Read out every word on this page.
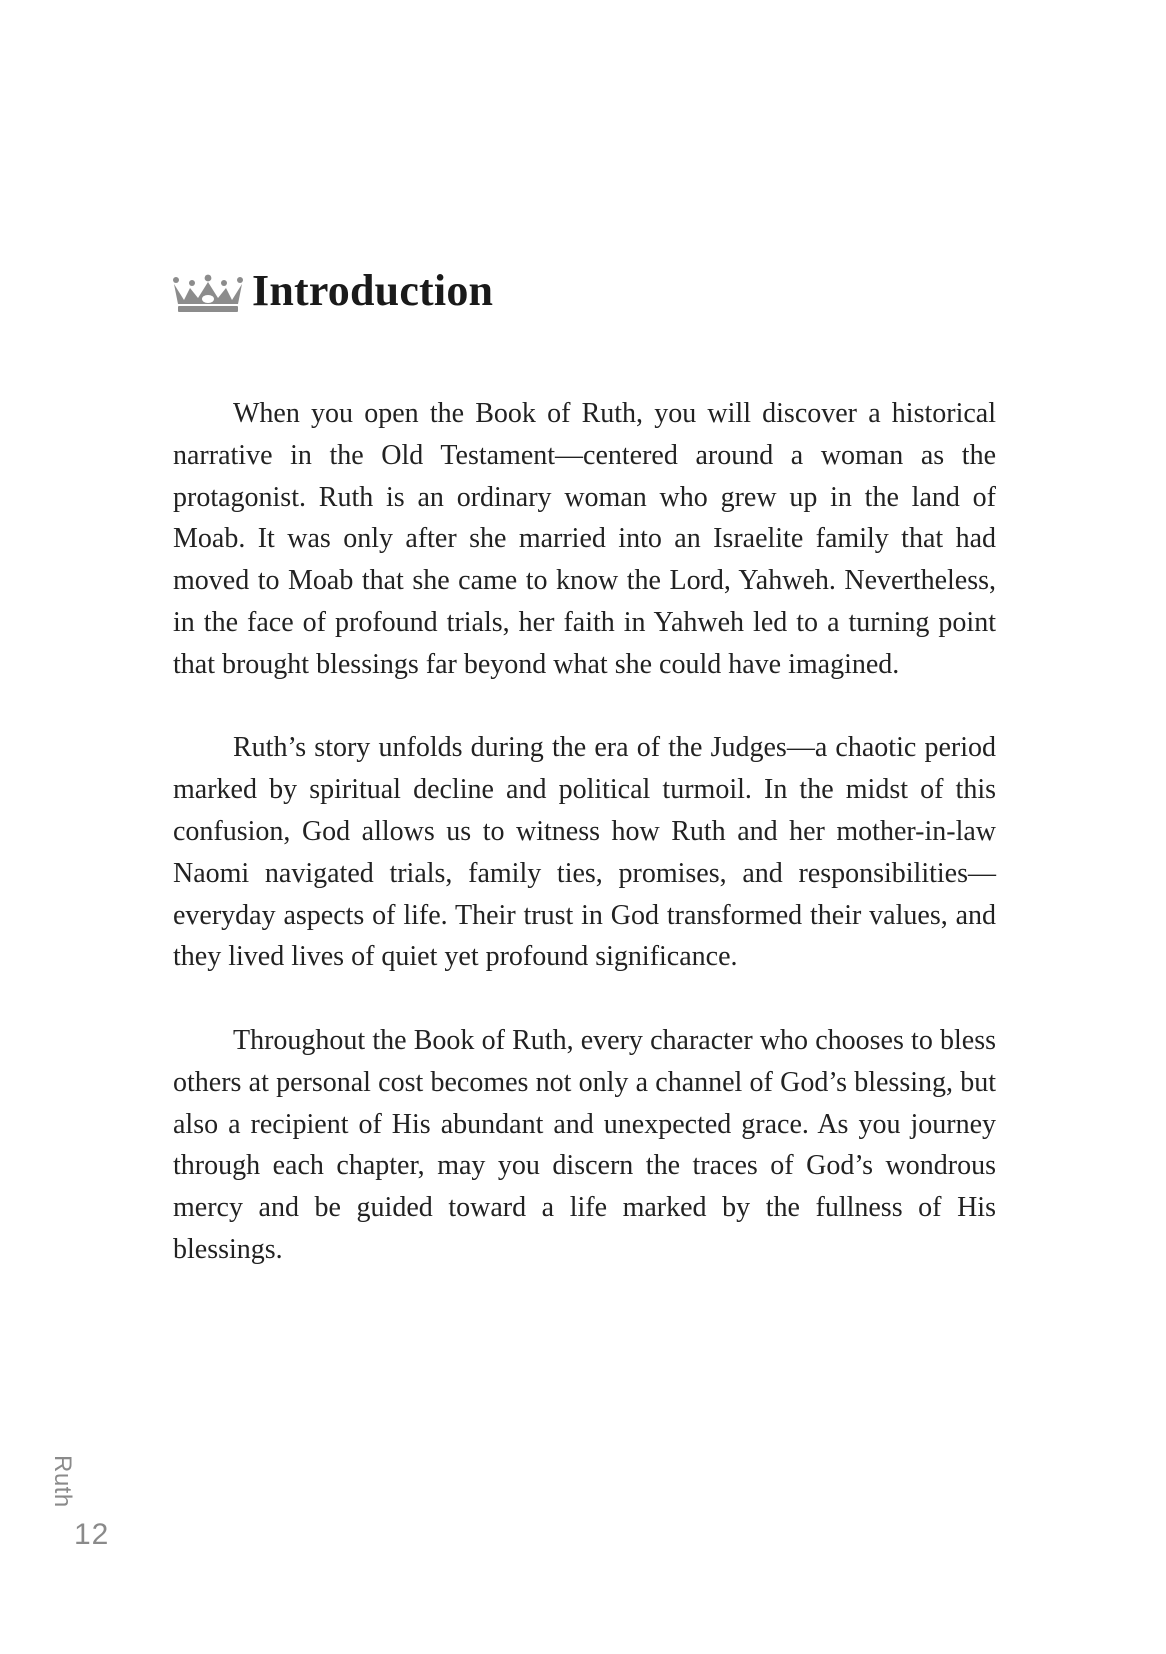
Introduction

When you open the Book of Ruth, you will discover a historical narrative in the Old Testament—centered around a woman as the protagonist. Ruth is an ordinary woman who grew up in the land of Moab. It was only after she married into an Israelite family that had moved to Moab that she came to know the Lord, Yahweh. Nevertheless, in the face of profound trials, her faith in Yahweh led to a turning point that brought blessings far beyond what she could have imagined.

Ruth’s story unfolds during the era of the Judges—a chaotic period marked by spiritual decline and political turmoil. In the midst of this confusion, God allows us to witness how Ruth and her mother-in-law Naomi navigated trials, family ties, promises, and responsibilities—everyday aspects of life. Their trust in God transformed their values, and they lived lives of quiet yet profound significance.

Throughout the Book of Ruth, every character who chooses to bless others at personal cost becomes not only a channel of God’s blessing, but also a recipient of His abundant and unexpected grace. As you journey through each chapter, may you discern the traces of God’s wondrous mercy and be guided toward a life marked by the fullness of His blessings.

Ruth
12
